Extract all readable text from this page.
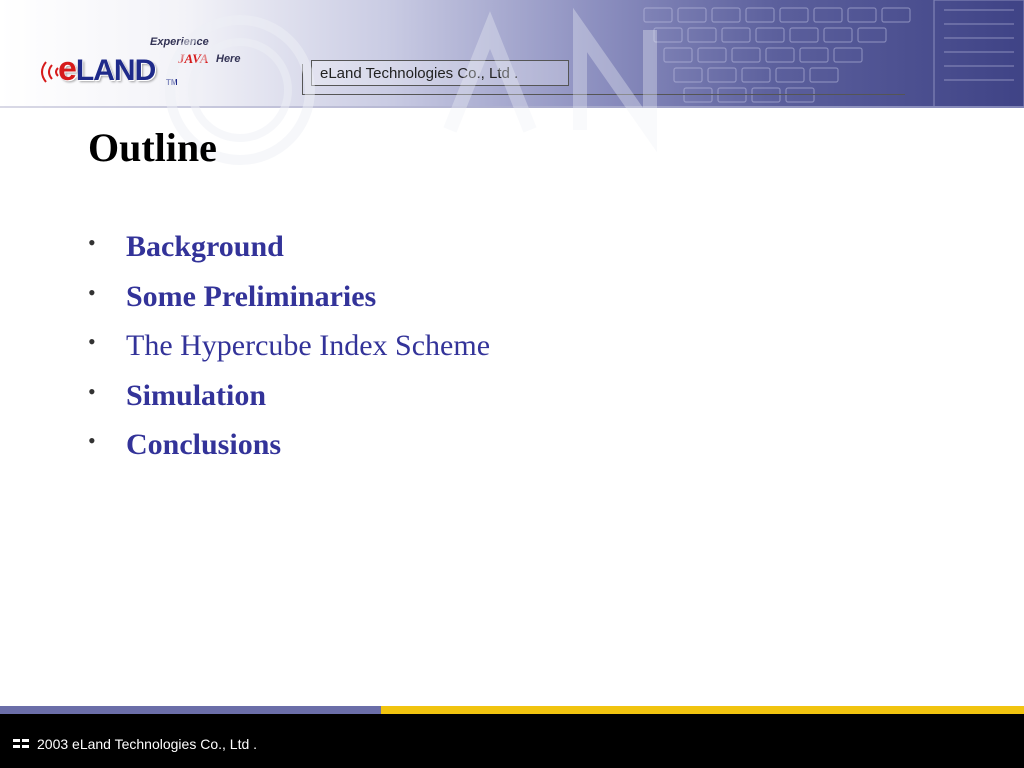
eLAND
Experience
JAVA Here
TM
eLand Technologies Co., Ltd .
Outline
• Background
• Some Preliminaries
• The Hypercube Index Scheme
• Simulation
• Conclusions
2003 eLand Technologies Co., Ltd .
